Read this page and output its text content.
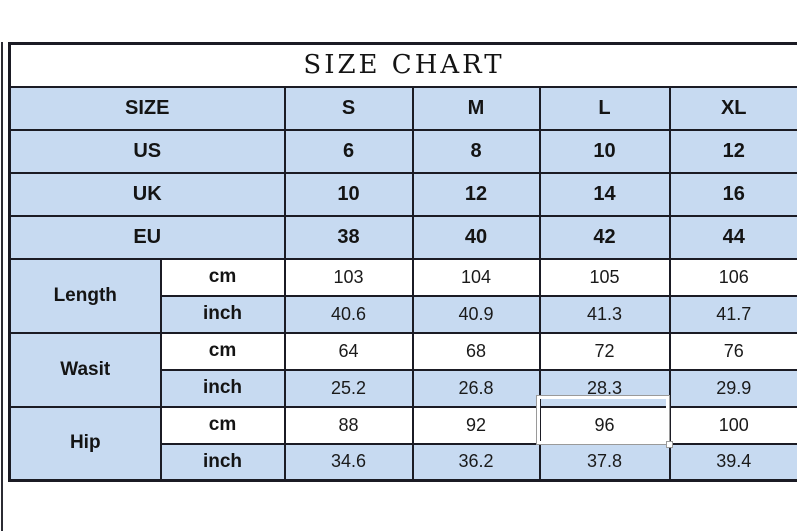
SIZE CHART					
SIZE		S	M	L	XL
US		6	8	10	12
UK		10	12	14	16
EU		38	40	42	44
Length	cm	103	104	105	106
	inch	40.6	40.9	41.3	41.7
Wasit	cm	64	68	72	76
	inch	25.2	26.8	28.3	29.9
Hip	cm	88	92	96	100
	inch	34.6	36.2	37.8	39.4
